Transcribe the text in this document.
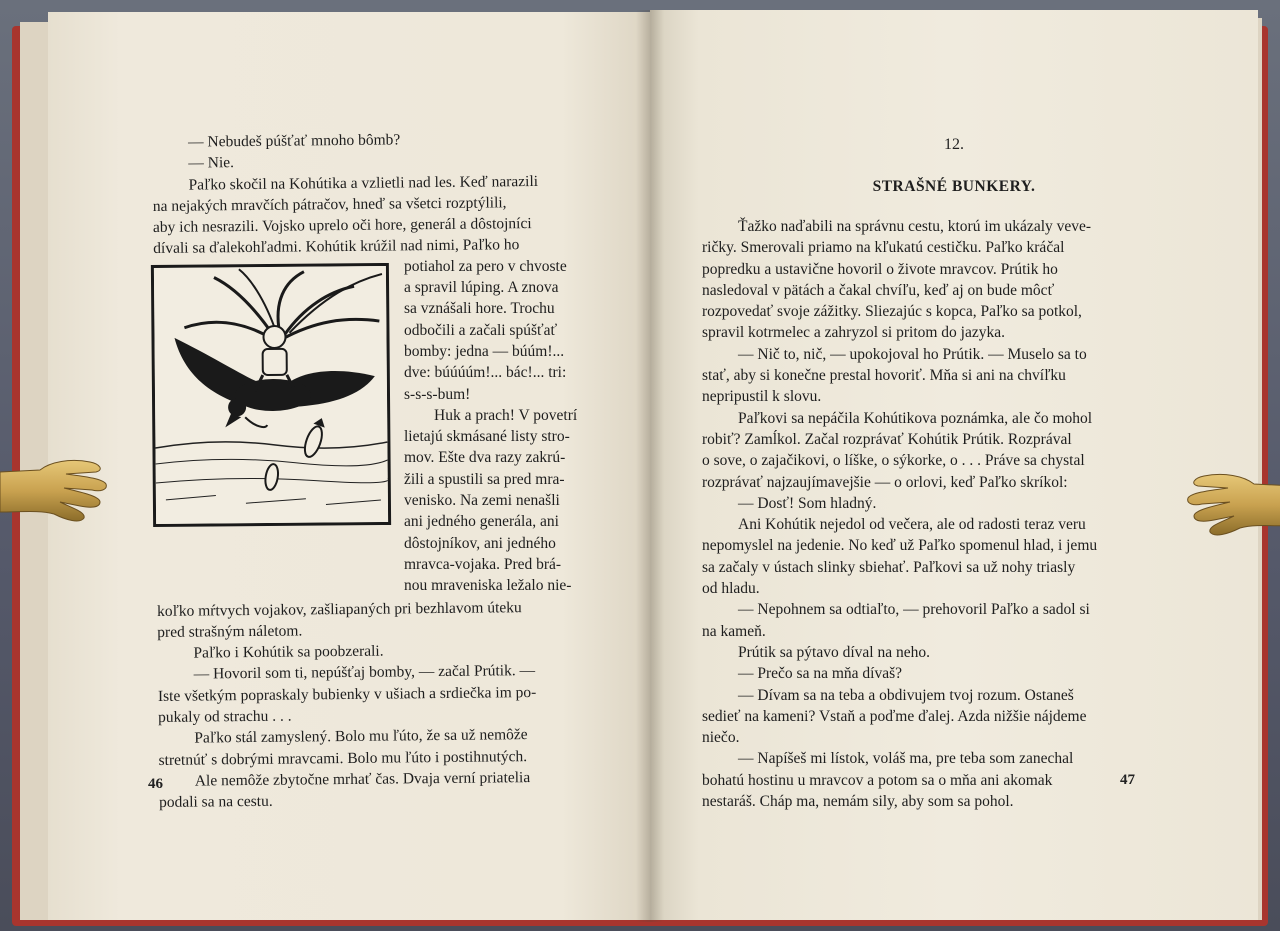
— Nebudeš púšťať mnoho bômb?
— Nie.
Paľko skočil na Kohútika a vzlietli nad les. Keď narazili
na nejakých mravčích pátračov, hneď sa všetci rozptýlili,
aby ich nesrazili. Vojsko uprelo oči hore, generál a dôstojníci
dívali sa ďalekohľadmi. Kohútik krúžil nad nimi, Paľko ho
koľko mŕtvych vojakov, zašliapaných pri bezhlavom úteku
pred strašným náletom.
Paľko i Kohútik sa poobzerali.
— Hovoril som ti, nepúšťaj bomby, — začal Prútik. —
Iste všetkým popraskaly bubienky v ušiach a srdiečka im po-
pukaly od strachu . . .
Paľko stál zamyslený. Bolo mu ľúto, že sa už nemôže
stretnúť s dobrými mravcami. Bolo mu ľúto i postihnutých.
Ale nemôže zbytočne mrhať čas. Dvaja verní priatelia
podali sa na cestu.
potiahol za pero v chvoste
a spravil lúping. A znova
sa vznášali hore. Trochu
odbočili a začali spúšťať
bomby: jedna — búúm!...
dve: búúúúm!... bác!... tri:
s-s-s-bum!
Huk a prach! V povetrí
lietajú skmásané listy stro-
mov. Ešte dva razy zakrú-
žili a spustili sa pred mra-
venisko. Na zemi nenašli
ani jedného generála, ani
dôstojníkov, ani jedného
mravca-vojaka. Pred brá-
nou mraveniska ležalo nie-
46
12.
STRAŠNÉ BUNKERY.
Ťažko naďabili na správnu cestu, ktorú im ukázaly veve-
ričky. Smerovali priamo na kľukatú cestičku. Paľko kráčal
popredku a ustavične hovoril o živote mravcov. Prútik ho
nasledoval v pätách a čakal chvíľu, keď aj on bude môcť
rozpovedať svoje zážitky. Sliezajúc s kopca, Paľko sa potkol,
spravil kotrmelec a zahryzol si pritom do jazyka.
— Nič to, nič, — upokojoval ho Prútik. — Muselo sa to
stať, aby si konečne prestal hovoriť. Mňa si ani na chvíľku
nepripustil k slovu.
Paľkovi sa nepáčila Kohútikova poznámka, ale čo mohol
robiť? Zamĺkol. Začal rozprávať Kohútik Prútik. Rozprával
o sove, o zajačikovi, o líške, o sýkorke, o . . . Práve sa chystal
rozprávať najzaujímavejšie — o orlovi, keď Paľko skríkol:
— Dosť! Som hladný.
Ani Kohútik nejedol od večera, ale od radosti teraz veru
nepomyslel na jedenie. No keď už Paľko spomenul hlad, i jemu
sa začaly v ústach slinky sbiehať. Paľkovi sa už nohy triasly
od hladu.
— Nepohnem sa odtiaľto, — prehovoril Paľko a sadol si
na kameň.
Prútik sa pýtavo díval na neho.
— Prečo sa na mňa dívaš?
— Dívam sa na teba a obdivujem tvoj rozum. Ostaneš
sedieť na kameni? Vstaň a poďme ďalej. Azda nižšie nájdeme
niečo.
— Napíšeš mi lístok, voláš ma, pre teba som zanechal
bohatú hostinu u mravcov a potom sa o mňa ani akomak
nestaráš. Cháp ma, nemám sily, aby som sa pohol.
47
